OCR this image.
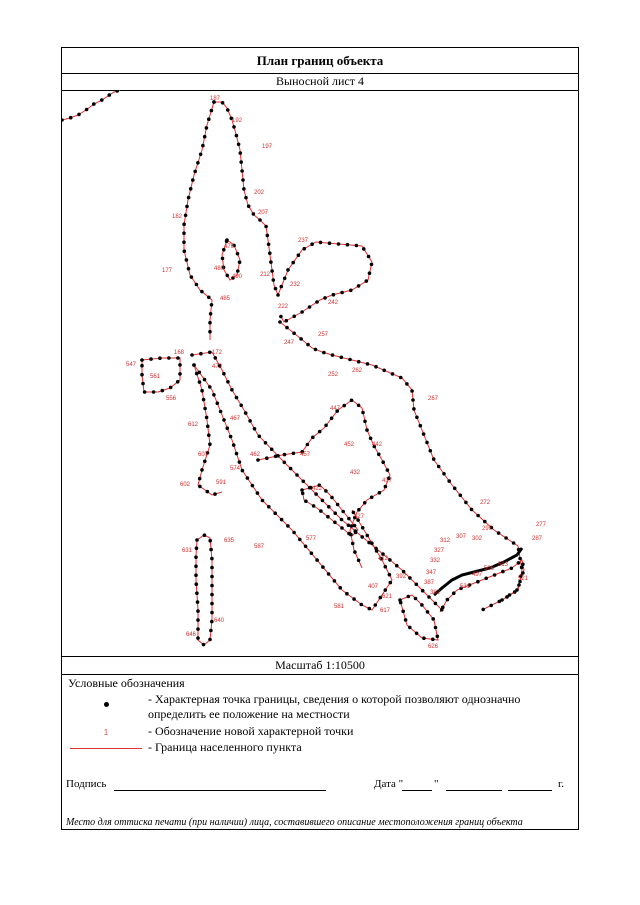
План границ объекта
Выносной лист 4
187
192
197
202
207
182
177
476
480
490
485
212
232
222
237
242
247
257
252
262
267
168	172
472
547
561
556
467
612
462
574
607
602	591
457
452
447
442
437
432
427
422
577
587
631
635
640
646
272
277
287
297
302
307
312
327
332
347
387
382
392
412
407
581
617
621
626
531
497
506
513
521
Масштаб 1:10500
Условные обозначения
- Характерная точка границы, сведения о которой позволяют однозначно
определить ее положение на местности
1	- Обозначение новой характерной точки
- Граница населенного пункта
Подпись	Дата "	"	г.
Место для оттиска печати (при наличии) лица, составившего описание местоположения границ объекта
